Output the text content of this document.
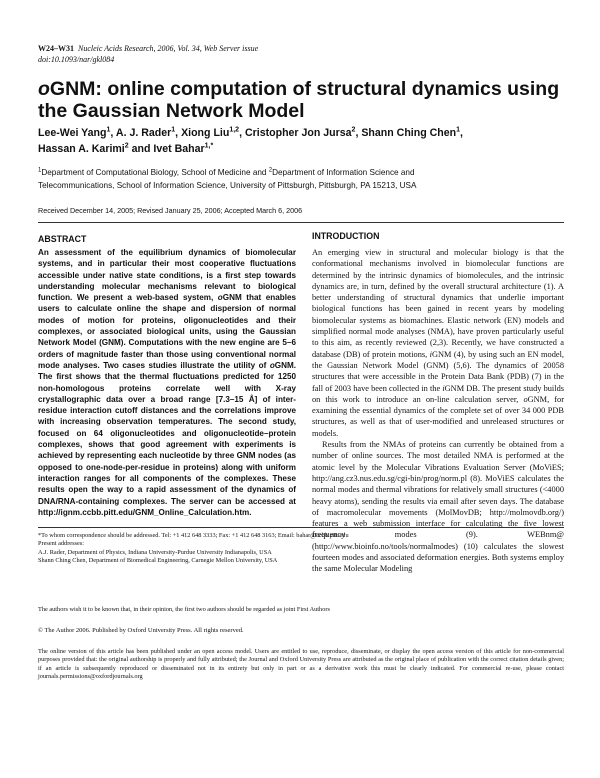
W24–W31 Nucleic Acids Research, 2006, Vol. 34, Web Server issue
doi:10.1093/nar/gkl084
oGNM: online computation of structural dynamics using the Gaussian Network Model
Lee-Wei Yang$^1$, A. J. Rader$^1$, Xiong Liu$^{1,2}$, Cristopher Jon Jursa$^2$, Shann Ching Chen$^1$,
Hassan A. Karimi$^2$ and Ivet Bahar$^{1,*}$
$^1$Department of Computational Biology, School of Medicine and $^2$Department of Information Science and
Telecommunications, School of Information Science, University of Pittsburgh, Pittsburgh, PA 15213, USA
Received December 14, 2005; Revised January 25, 2006; Accepted March 6, 2006
ABSTRACT
An assessment of the equilibrium dynamics of biomolecular systems, and in particular their most cooperative fluctuations accessible under native state conditions, is a first step towards understanding molecular mechanisms relevant to biological function. We present a web-based system, oGNM that enables users to calculate online the shape and dispersion of normal modes of motion for proteins, oligonucleotides and their complexes, or associated biological units, using the Gaussian Network Model (GNM). Computations with the new engine are 5–6 orders of magnitude faster than those using conventional normal mode analyses. Two cases studies illustrate the utility of oGNM. The first shows that the thermal fluctuations predicted for 1250 non-homologous proteins correlate well with X-ray crystallographic data over a broad range [7.3–15 Å] of inter-residue interaction cutoff distances and the correlations improve with increasing observation temperatures. The second study, focused on 64 oligonucleotides and oligonucleotide–protein complexes, shows that good agreement with experiments is achieved by representing each nucleotide by three GNM nodes (as opposed to one-node-per-residue in proteins) along with uniform interaction ranges for all components of the complexes. These results open the way to a rapid assessment of the dynamics of DNA/RNA-containing complexes. The server can be accessed at http://ignm.ccbb.pitt.edu/GNM_Online_Calculation.htm.
INTRODUCTION

An emerging view in structural and molecular biology is that the conformational mechanisms involved in biomolecular functions are determined by the intrinsic dynamics of biomolecules, and the intrinsic dynamics are, in turn, defined by the overall structural architecture (1). A better understanding of structural dynamics that underlie important biological functions has been gained in recent years by modeling biomolecular systems as biomachines. Elastic network (EN) models and simplified normal mode analyses (NMA), have proven particularly useful to this aim, as recently reviewed (2,3). Recently, we have constructed a database (DB) of protein motions, iGNM (4), by using such an EN model, the Gaussian Network Model (GNM) (5,6). The dynamics of 20058 structures that were accessible in the Protein Data Bank (PDB) (7) in the fall of 2003 have been collected in the iGNM DB. The present study builds on this work to introduce an on-line calculation server, oGNM, for examining the essential dynamics of the complete set of over 34 000 PDB structures, as well as that of user-modified and unreleased structures or models.

Results from the NMAs of proteins can currently be obtained from a number of online sources. The most detailed NMA is performed at the atomic level by the Molecular Vibrations Evaluation Server (MoViES; http://ang.cz3.nus.edu.sg/cgi-bin/prog/norm.pl (8). MoViES calculates the normal modes and thermal vibrations for relatively small structures (<4000 heavy atoms), sending the results via email after seven days. The database of macromolecular movements (MolMovDB; http://molmovdb.org/) features a web submission interface for calculating the five lowest frequency modes (9). WEBnm@ (http://www.bioinfo.no/tools/normalmodes) (10) calculates the slowest fourteen modes and associated deformation energies. Both systems employ the same Molecular Modeling

*To whom correspondence should be addressed. Tel: +1 412 648 3333; Fax: +1 412 648 3163; Email: bahar@ccbb.pitt.edu

Present addresses:

A.J. Rader, Department of Physics, Indiana University-Purdue University Indianapolis, USA

Shann Ching Chen, Department of Biomedical Engineering, Carnegie Mellon University, USA

The authors wish it to be known that, in their opinion, the first two authors should be regarded as joint First Authors
© The Author 2006. Published by Oxford University Press. All rights reserved.
The online version of this article has been published under an open access model. Users are entitled to use, reproduce, disseminate, or display the open access version of this article for non-commercial purposes provided that: the original authorship is properly and fully attributed; the Journal and Oxford University Press are attributed as the original place of publication with the correct citation details given; if an article is subsequently reproduced or disseminated not in its entirety but only in part or as a derivative work this must be clearly indicated. For commercial re-use, please contact journals.permissions@oxfordjournals.org
